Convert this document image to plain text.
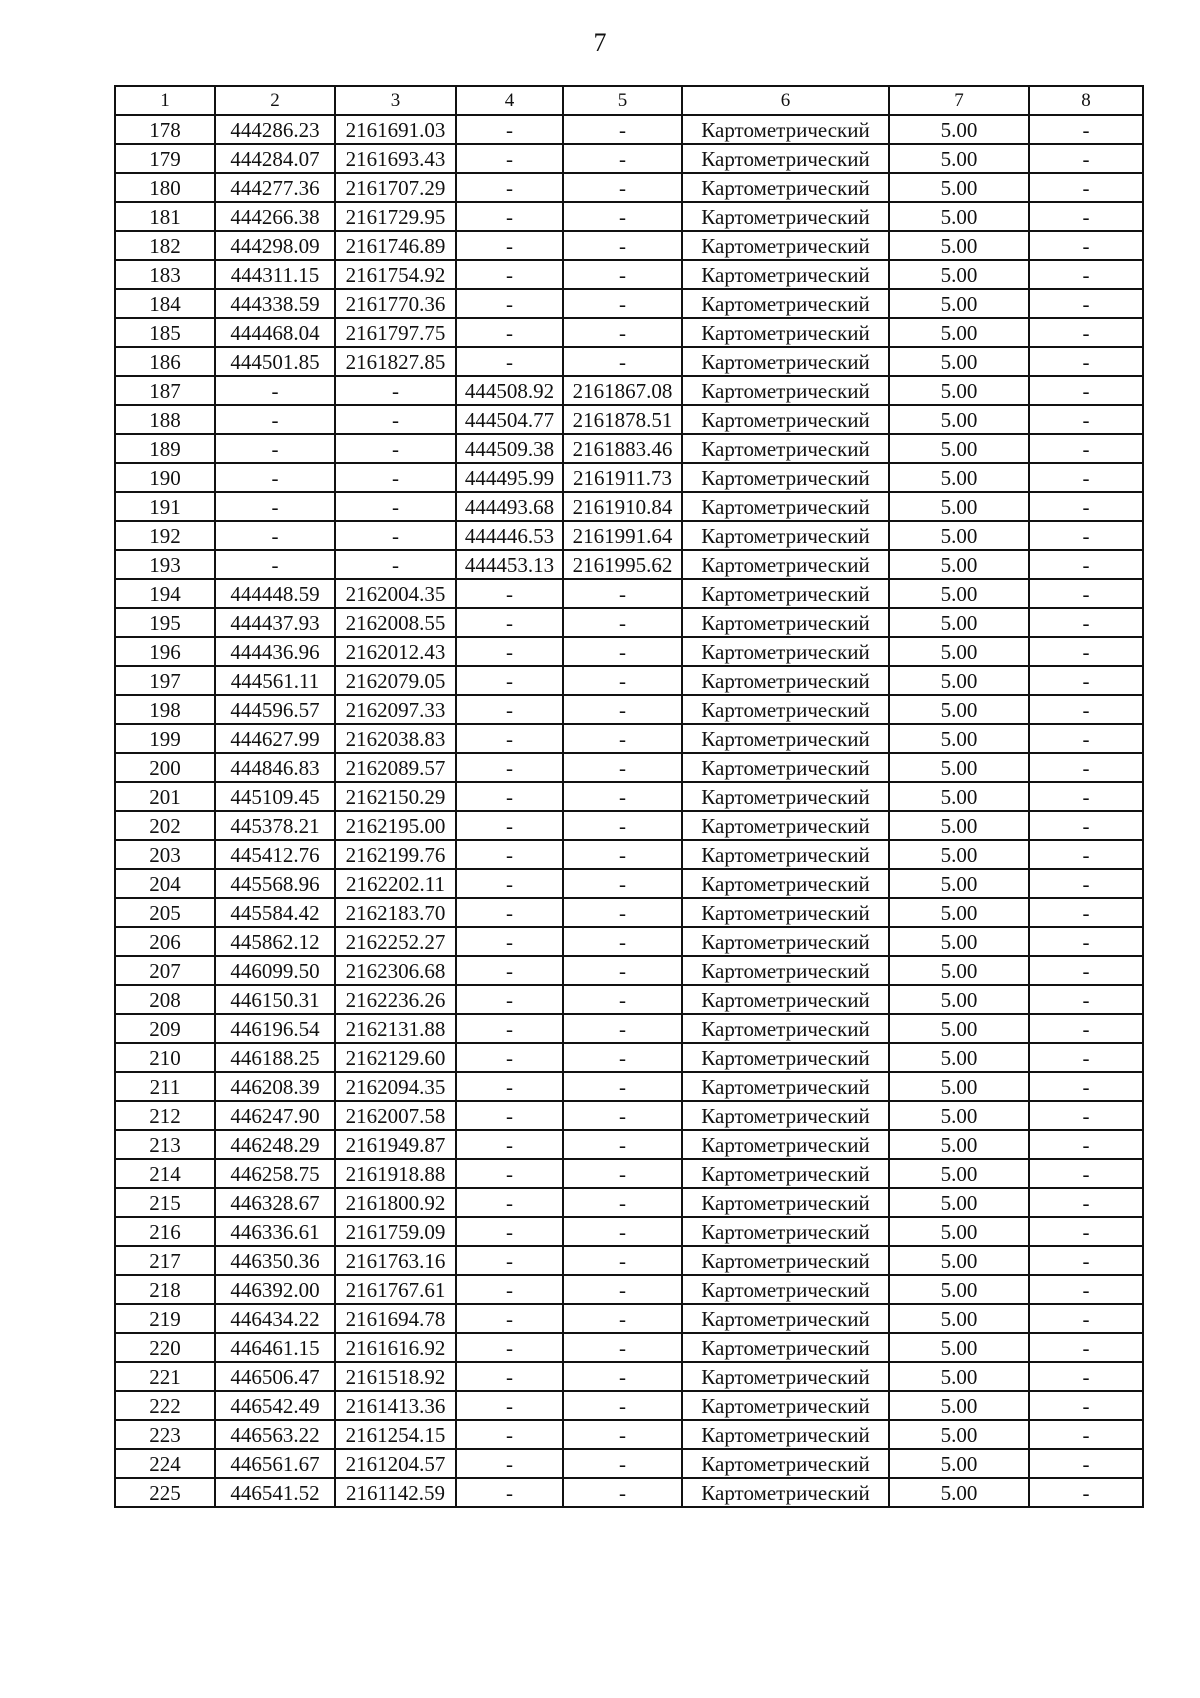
7
1	2	3	4	5	6	7	8
178	444286.23	2161691.03	-	-	Картометрический	5.00	-
179	444284.07	2161693.43	-	-	Картометрический	5.00	-
180	444277.36	2161707.29	-	-	Картометрический	5.00	-
181	444266.38	2161729.95	-	-	Картометрический	5.00	-
182	444298.09	2161746.89	-	-	Картометрический	5.00	-
183	444311.15	2161754.92	-	-	Картометрический	5.00	-
184	444338.59	2161770.36	-	-	Картометрический	5.00	-
185	444468.04	2161797.75	-	-	Картометрический	5.00	-
186	444501.85	2161827.85	-	-	Картометрический	5.00	-
187	-	-	444508.92	2161867.08	Картометрический	5.00	-
188	-	-	444504.77	2161878.51	Картометрический	5.00	-
189	-	-	444509.38	2161883.46	Картометрический	5.00	-
190	-	-	444495.99	2161911.73	Картометрический	5.00	-
191	-	-	444493.68	2161910.84	Картометрический	5.00	-
192	-	-	444446.53	2161991.64	Картометрический	5.00	-
193	-	-	444453.13	2161995.62	Картометрический	5.00	-
194	444448.59	2162004.35	-	-	Картометрический	5.00	-
195	444437.93	2162008.55	-	-	Картометрический	5.00	-
196	444436.96	2162012.43	-	-	Картометрический	5.00	-
197	444561.11	2162079.05	-	-	Картометрический	5.00	-
198	444596.57	2162097.33	-	-	Картометрический	5.00	-
199	444627.99	2162038.83	-	-	Картометрический	5.00	-
200	444846.83	2162089.57	-	-	Картометрический	5.00	-
201	445109.45	2162150.29	-	-	Картометрический	5.00	-
202	445378.21	2162195.00	-	-	Картометрический	5.00	-
203	445412.76	2162199.76	-	-	Картометрический	5.00	-
204	445568.96	2162202.11	-	-	Картометрический	5.00	-
205	445584.42	2162183.70	-	-	Картометрический	5.00	-
206	445862.12	2162252.27	-	-	Картометрический	5.00	-
207	446099.50	2162306.68	-	-	Картометрический	5.00	-
208	446150.31	2162236.26	-	-	Картометрический	5.00	-
209	446196.54	2162131.88	-	-	Картометрический	5.00	-
210	446188.25	2162129.60	-	-	Картометрический	5.00	-
211	446208.39	2162094.35	-	-	Картометрический	5.00	-
212	446247.90	2162007.58	-	-	Картометрический	5.00	-
213	446248.29	2161949.87	-	-	Картометрический	5.00	-
214	446258.75	2161918.88	-	-	Картометрический	5.00	-
215	446328.67	2161800.92	-	-	Картометрический	5.00	-
216	446336.61	2161759.09	-	-	Картометрический	5.00	-
217	446350.36	2161763.16	-	-	Картометрический	5.00	-
218	446392.00	2161767.61	-	-	Картометрический	5.00	-
219	446434.22	2161694.78	-	-	Картометрический	5.00	-
220	446461.15	2161616.92	-	-	Картометрический	5.00	-
221	446506.47	2161518.92	-	-	Картометрический	5.00	-
222	446542.49	2161413.36	-	-	Картометрический	5.00	-
223	446563.22	2161254.15	-	-	Картометрический	5.00	-
224	446561.67	2161204.57	-	-	Картометрический	5.00	-
225	446541.52	2161142.59	-	-	Картометрический	5.00	-
